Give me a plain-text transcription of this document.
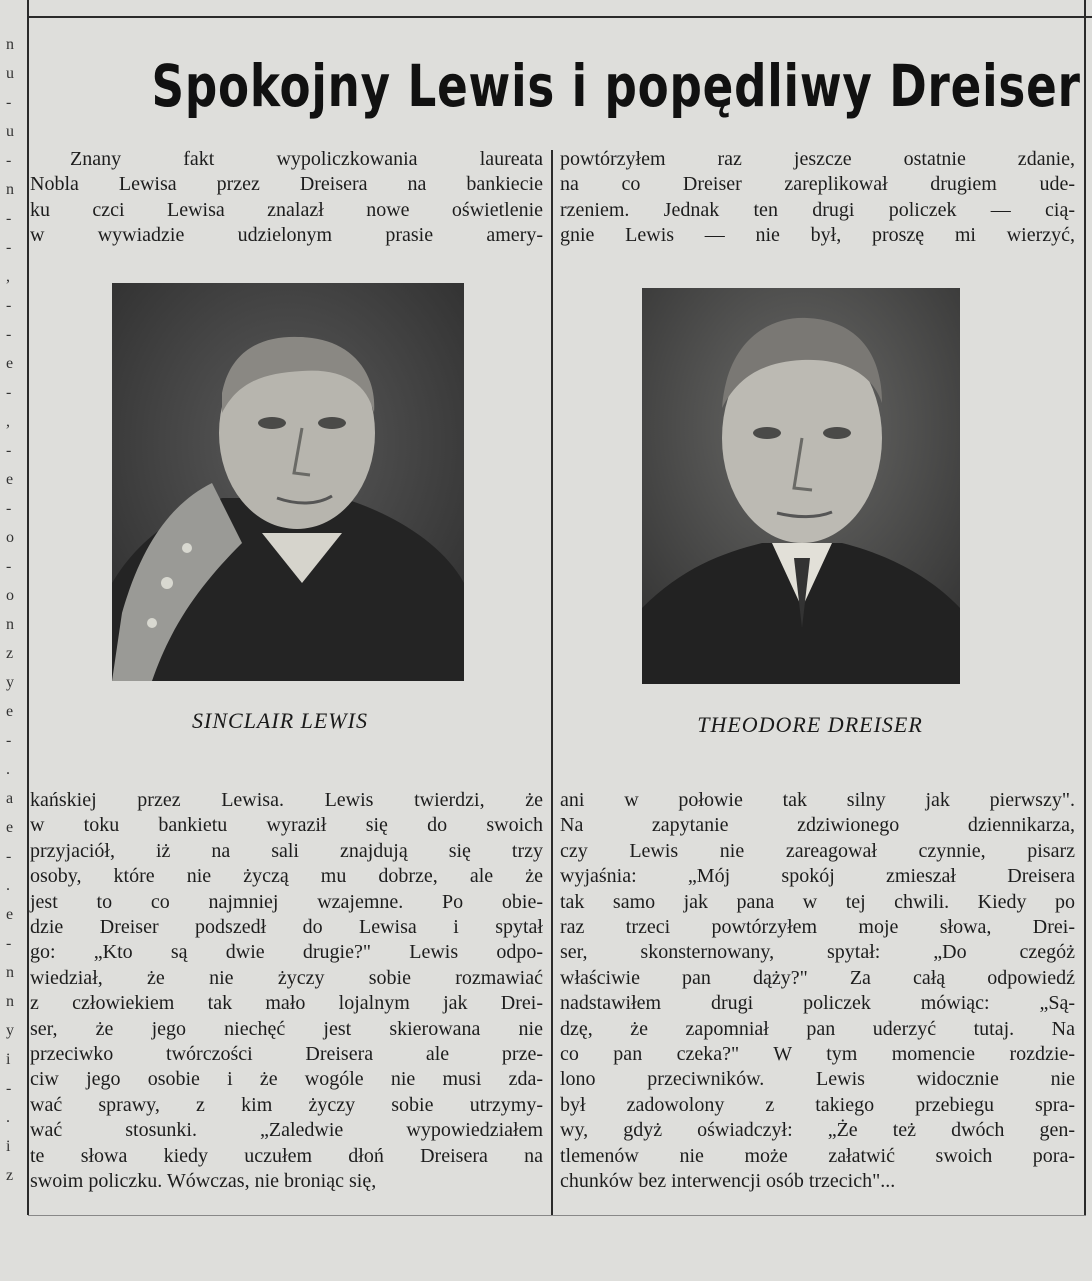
n
u
-
u
-
n
-
-
,
-
-
e
-
,
-
e
-
o
-
o
n
z
y
e
-
.
a
e
-
.
e
-
n
n
y
i
-
.
i
z
Spokojny Lewis i popędliwy Dreiser

Znany fakt wypoliczkowania laureata

Nobla Lewisa przez Dreisera na bankiecie

ku czci Lewisa znalazł nowe oświetlenie

w wywiadzie udzielonym prasie amery-

powtórzyłem raz jeszcze ostatnie zdanie,

na co Dreiser zareplikował drugiem ude-

rzeniem. Jednak ten drugi policzek — cią-

gnie Lewis — nie był, proszę mi wierzyć,

SINCLAIR LEWIS	THEODORE DREISER

kańskiej przez Lewisa. Lewis twierdzi, że

w toku bankietu wyraził się do swoich

przyjaciół, iż na sali znajdują się trzy

osoby, które nie życzą mu dobrze, ale że

jest to co najmniej wzajemne. Po obie-

dzie Dreiser podszedł do Lewisa i spytał

go: „Kto są dwie drugie?" Lewis odpo-

wiedział, że nie życzy sobie rozmawiać

z człowiekiem tak mało lojalnym jak Drei-

ser, że jego niechęć jest skierowana nie

przeciwko twórczości Dreisera ale prze-

ciw jego osobie i że wogóle nie musi zda-

wać sprawy, z kim życzy sobie utrzymy-

wać stosunki. „Zaledwie wypowiedziałem

te słowa kiedy uczułem dłoń Dreisera na

swoim policzku. Wówczas, nie broniąc się,

ani w połowie tak silny jak pierwszy".

Na zapytanie zdziwionego dziennikarza,

czy Lewis nie zareagował czynnie, pisarz

wyjaśnia: „Mój spokój zmieszał Dreisera

tak samo jak pana w tej chwili. Kiedy po

raz trzeci powtórzyłem moje słowa, Drei-

ser, skonsternowany, spytał: „Do czegóż

właściwie pan dąży?" Za całą odpowiedź

nadstawiłem drugi policzek mówiąc: „Są-

dzę, że zapomniał pan uderzyć tutaj. Na

co pan czeka?" W tym momencie rozdzie-

lono przeciwników. Lewis widocznie nie

był zadowolony z takiego przebiegu spra-

wy, gdyż oświadczył: „Że też dwóch gen-

tlemenów nie może załatwić swoich pora-

chunków bez interwencji osób trzecich"...
